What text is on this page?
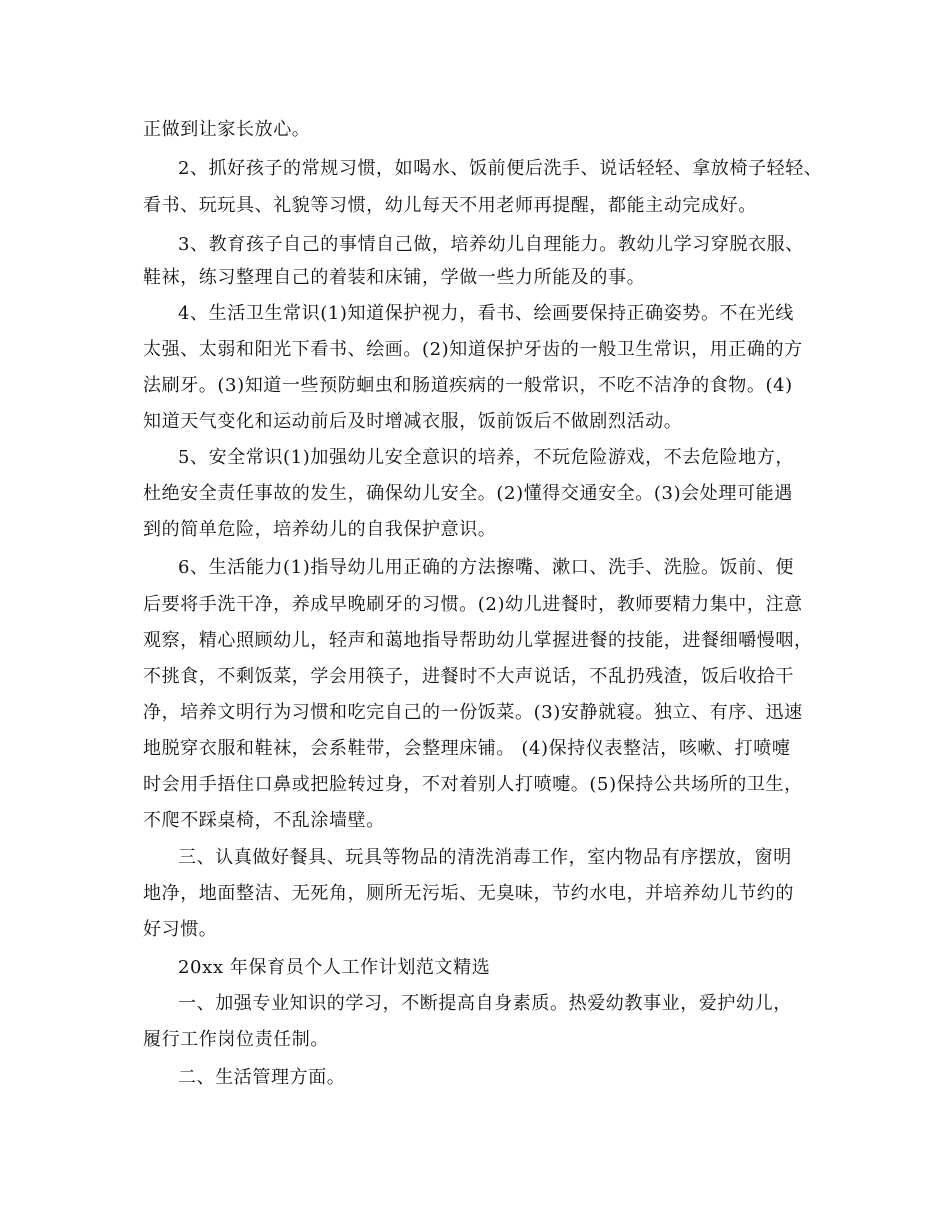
正做到让家长放心。
2、抓好孩子的常规习惯，如喝水、饭前便后洗手、说话轻轻、拿放椅子轻轻、
看书、玩玩具、礼貌等习惯，幼儿每天不用老师再提醒，都能主动完成好。
3、教育孩子自己的事情自己做，培养幼儿自理能力。教幼儿学习穿脱衣服、
鞋袜，练习整理自己的着装和床铺，学做一些力所能及的事。
4、生活卫生常识(1)知道保护视力，看书、绘画要保持正确姿势。不在光线
太强、太弱和阳光下看书、绘画。(2)知道保护牙齿的一般卫生常识，用正确的方
法刷牙。(3)知道一些预防蛔虫和肠道疾病的一般常识，不吃不洁净的食物。(4)
知道天气变化和运动前后及时增减衣服，饭前饭后不做剧烈活动。
5、安全常识(1)加强幼儿安全意识的培养，不玩危险游戏，不去危险地方，
杜绝安全责任事故的发生，确保幼儿安全。(2)懂得交通安全。(3)会处理可能遇
到的简单危险，培养幼儿的自我保护意识。
6、生活能力(1)指导幼儿用正确的方法擦嘴、漱口、洗手、洗脸。饭前、便
后要将手洗干净，养成早晚刷牙的习惯。(2)幼儿进餐时，教师要精力集中，注意
观察，精心照顾幼儿，轻声和蔼地指导帮助幼儿掌握进餐的技能，进餐细嚼慢咽，
不挑食，不剩饭菜，学会用筷子，进餐时不大声说话，不乱扔残渣，饭后收拾干
净，培养文明行为习惯和吃完自己的一份饭菜。(3)安静就寝。独立、有序、迅速
地脱穿衣服和鞋袜，会系鞋带，会整理床铺。 (4)保持仪表整洁，咳嗽、打喷嚏
时会用手捂住口鼻或把脸转过身，不对着别人打喷嚏。(5)保持公共场所的卫生，
不爬不踩桌椅，不乱涂墙壁。
三、认真做好餐具、玩具等物品的清洗消毒工作，室内物品有序摆放，窗明
地净，地面整洁、无死角，厕所无污垢、无臭味，节约水电，并培养幼儿节约的
好习惯。
20xx 年保育员个人工作计划范文精选
一、加强专业知识的学习，不断提高自身素质。热爱幼教事业，爱护幼儿，
履行工作岗位责任制。
二、生活管理方面。
